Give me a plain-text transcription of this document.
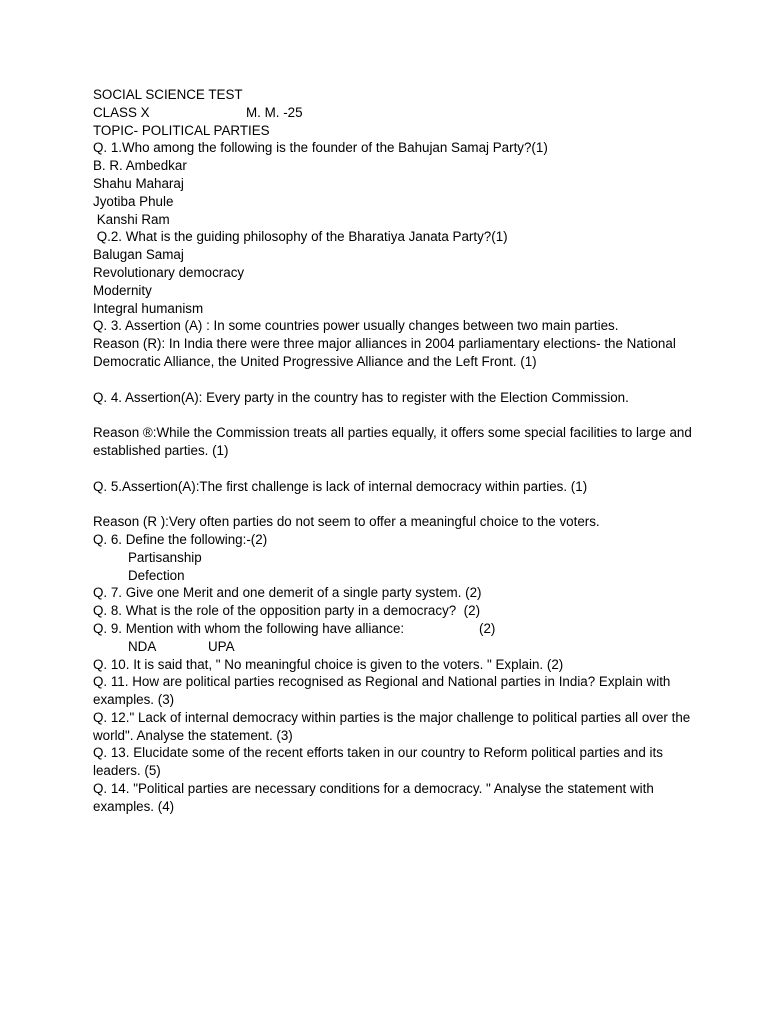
SOCIAL SCIENCE TEST
CLASS X	M. M. -25
TOPIC- POLITICAL PARTIES
Q. 1.Who among the following is the founder of the Bahujan Samaj Party?(1)
B. R. Ambedkar
Shahu Maharaj
Jyotiba Phule
Kanshi Ram
Q.2. What is the guiding philosophy of the Bharatiya Janata Party?(1)
Balugan Samaj
Revolutionary democracy
Modernity
Integral humanism
Q. 3. Assertion (A) : In some countries power usually changes between two main parties.
Reason (R): In India there were three major alliances in 2004 parliamentary elections- the National Democratic Alliance, the United Progressive Alliance and the Left Front. (1)
Q. 4. Assertion(A): Every party in the country has to register with the Election Commission.
Reason ®:While the Commission treats all parties equally, it offers some special facilities to large and established parties. (1)
Q. 5.Assertion(A):The first challenge is lack of internal democracy within parties. (1)
Reason (R ):Very often parties do not seem to offer a meaningful choice to the voters.
Q. 6. Define the following:-(2)
Partisanship
Defection
Q. 7. Give one Merit and one demerit of a single party system. (2)
Q. 8. What is the role of the opposition party in a democracy?  (2)
Q. 9. Mention with whom the following have alliance:	(2)
NDA	UPA
Q. 10. It is said that, " No meaningful choice is given to the voters. " Explain. (2)
Q. 11. How are political parties recognised as Regional and National parties in India? Explain with examples. (3)
Q. 12." Lack of internal democracy within parties is the major challenge to political parties all over the world". Analyse the statement. (3)
Q. 13. Elucidate some of the recent efforts taken in our country to Reform political parties and its leaders. (5)
Q. 14. "Political parties are necessary conditions for a democracy. " Analyse the statement with examples. (4)
